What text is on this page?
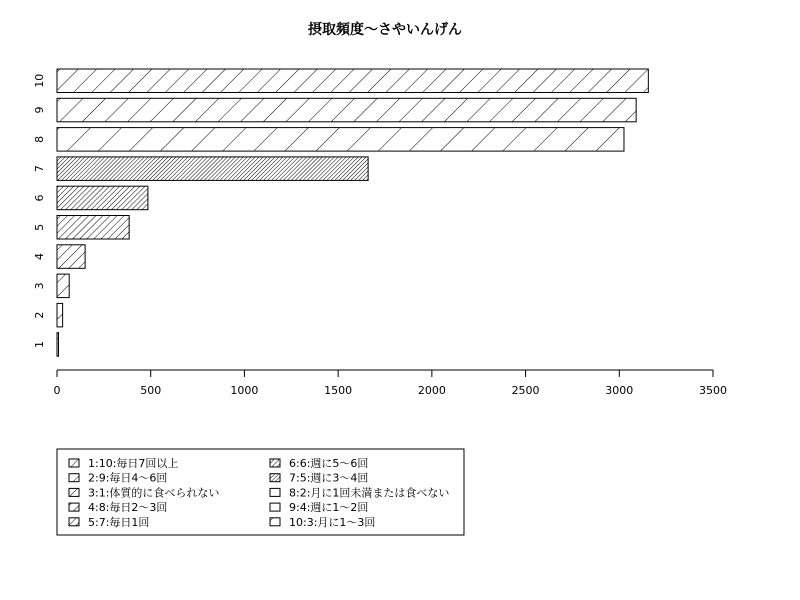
摂取頻度〜さやいんげん
10
9
8
7
6
5
4
3
2
1
0	500	1000	1500	2000	2500	3000	3500
1:10:毎日7回以上
2:9:毎日4〜6回
3:1:体質的に食べられない
4:8:毎日2〜3回
5:7:毎日1回
6:6:週に5〜6回
7:5:週に3〜4回
8:2:月に1回未満または食べない
9:4:週に1〜2回
10:3:月に1〜3回
